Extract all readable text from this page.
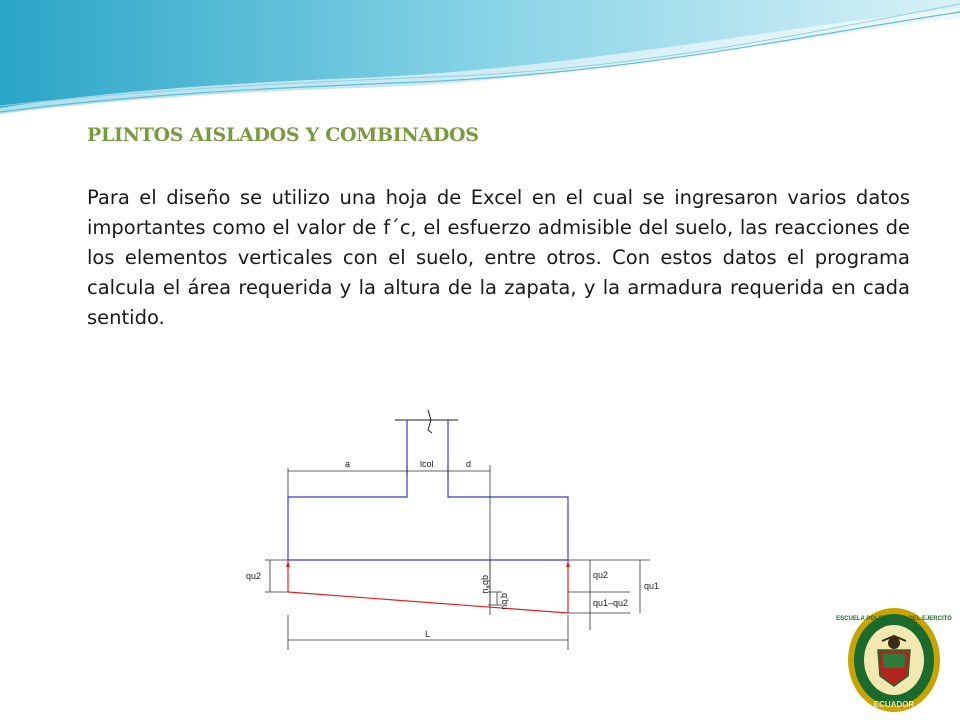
PLINTOS AISLADOS Y COMBINADOS

Para el diseño se utilizo una hoja de Excel en el cual se ingresaron varios datos importantes como el valor de f´c, el esfuerzo admisible del suelo, las reacciones de los elementos verticales con el suelo, entre otros. Con estos datos el programa calcula el área requerida y la altura de la zapata, y la armadura requerida en cada sentido.

a	lcol	d
qu2	qb*u
q'bu
qu2
qu1
qu1–qu2
L
ESCUELA POLITECNICA DEL EJERCITO
ECUADOR
